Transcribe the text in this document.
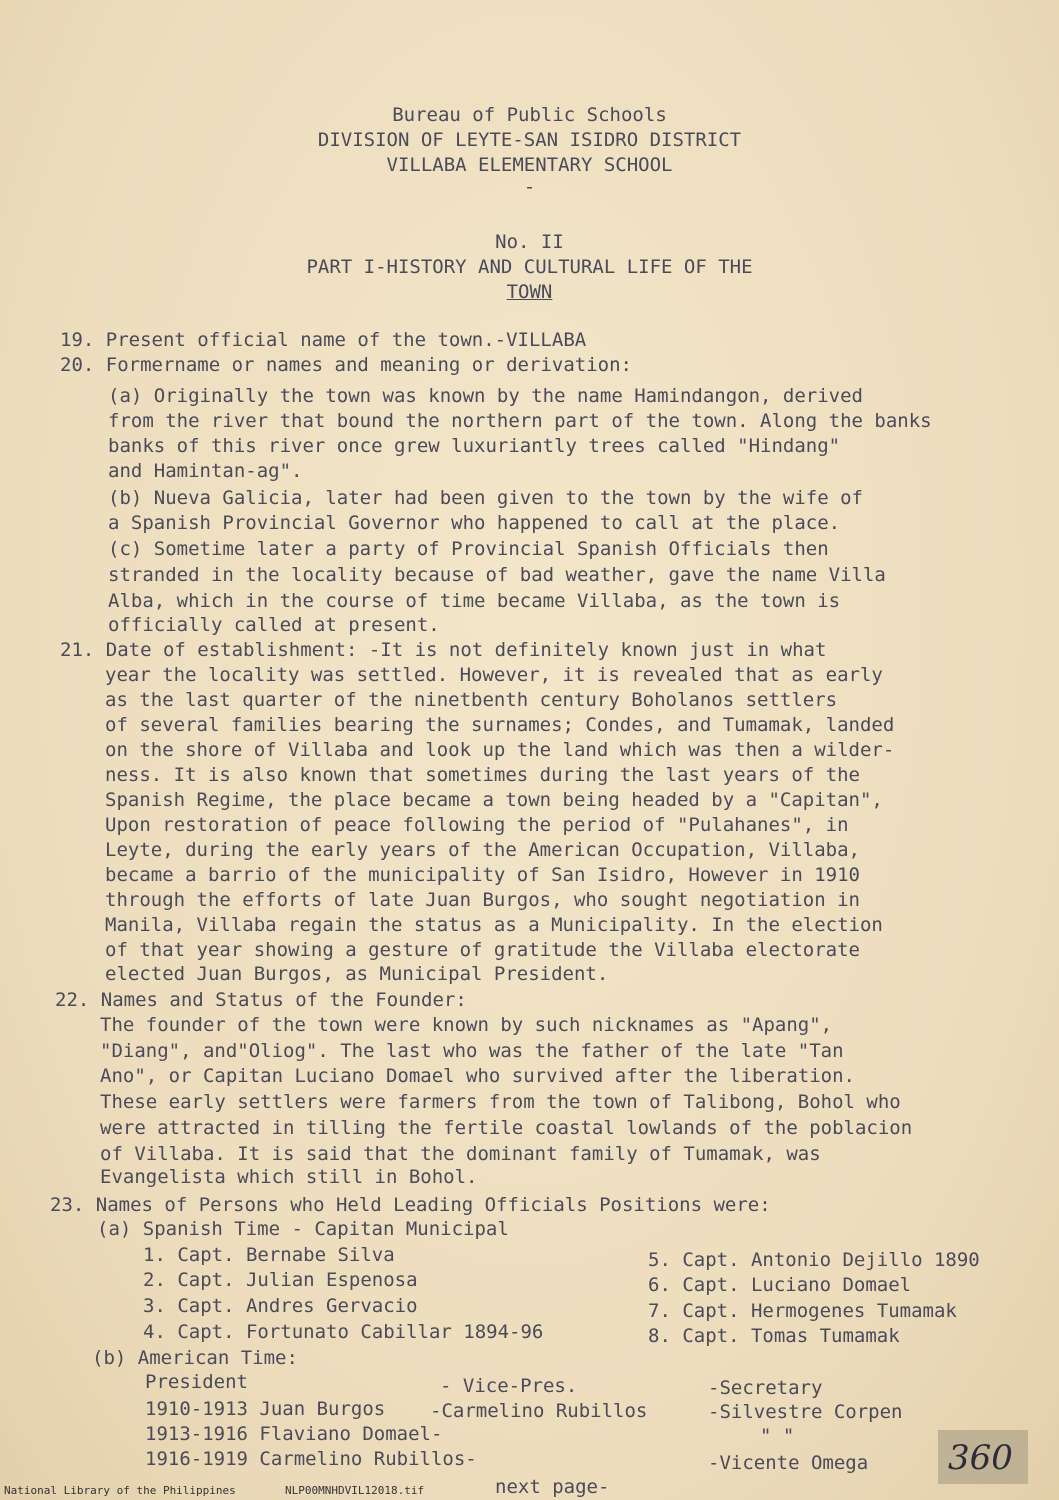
Bureau of Public Schools
DIVISION OF LEYTE-SAN ISIDRO DISTRICT
VILLABA ELEMENTARY SCHOOL
-
No. II
PART I-HISTORY AND CULTURAL LIFE OF THE
TOWN
19. Present official name of the town.-VILLABA
20. Formername or names and meaning or derivation:
(a) Originally the town was known by the name Hamindangon, derived
from the river that bound the northern part of the town. Along the banks
banks of this river once grew luxuriantly trees called "Hindang"
and Hamintan-ag".
(b) Nueva Galicia, later had been given to the town by the wife of
a Spanish Provincial Governor who happened to call at the place.
(c) Sometime later a party of Provincial Spanish Officials then
stranded in the locality because of bad weather, gave the name Villa
Alba, which in the course of time became Villaba, as the town is
officially called at present.
21. Date of establishment: -It is not definitely known just in what
year the locality was settled. However, it is revealed that as early
as the last quarter of the ninetbenth century Boholanos settlers
of several families bearing the surnames; Condes, and Tumamak, landed
on the shore of Villaba and look up the land which was then a wilder-
ness. It is also known that sometimes during the last years of the
Spanish Regime, the place became a town being headed by a "Capitan",
Upon restoration of peace following the period of "Pulahanes", in
Leyte, during the early years of the American Occupation, Villaba,
became a barrio of the municipality of San Isidro, However in 1910
through the efforts of late Juan Burgos, who sought negotiation in
Manila, Villaba regain the status as a Municipality. In the election
of that year showing a gesture of gratitude the Villaba electorate
elected Juan Burgos, as Municipal President.
22. Names and Status of the Founder:
The founder of the town were known by such nicknames as "Apang",
"Diang", and"Oliog". The last who was the father of the late "Tan
Ano", or Capitan Luciano Domael who survived after the liberation.
These early settlers were farmers from the town of Talibong, Bohol who
were attracted in tilling the fertile coastal lowlands of the poblacion
of Villaba. It is said that the dominant family of Tumamak, was
Evangelista which still in Bohol.
23. Names of Persons who Held Leading Officials Positions were:
(a) Spanish Time - Capitan Municipal
1. Capt. Bernabe Silva
2. Capt. Julian Espenosa
3. Capt. Andres Gervacio
4. Capt. Fortunato Cabillar 1894-96
5. Capt. Antonio Dejillo 1890
6. Capt. Luciano Domael
7. Capt. Hermogenes Tumamak
8. Capt. Tomas Tumamak
(b) American Time:
President	- Vice-Pres.	-Secretary
1910-1913 Juan Burgos -Carmelino Rubillos	-Silvestre Corpen
1913-1916 Flaviano Domael-	" "
1916-1919 Carmelino Rubillos-	-Vicente Omega
next page-
360
National Library of the Philippines	NLP00MNHDVIL12018.tif
